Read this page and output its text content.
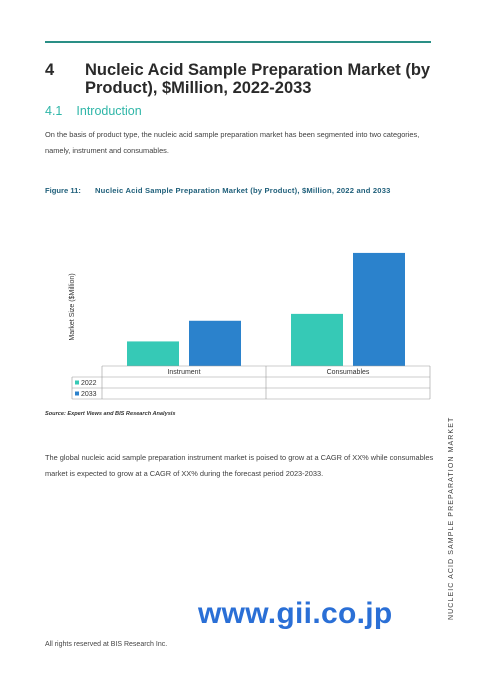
4 Nucleic Acid Sample Preparation Market (by Product), $Million, 2022-2033
4.1 Introduction

On the basis of product type, the nucleic acid sample preparation market has been segmented into two categories, namely, instrument and consumables.

Figure 11: Nucleic Acid Sample Preparation Market (by Product), $Million, 2022 and 2033
Market Size ($Million)
Instrument	Consumables
2022
2033
Source: Expert Views and BIS Research Analysis

The global nucleic acid sample preparation instrument market is poised to grow at a CAGR of XX% while consumables market is expected to grow at a CAGR of XX% during the forecast period 2023-2033.	NUCLEIC ACID SAMPLE PREPARATION MARKET
All rights reserved at BIS Research Inc.
www.gii.co.jp
